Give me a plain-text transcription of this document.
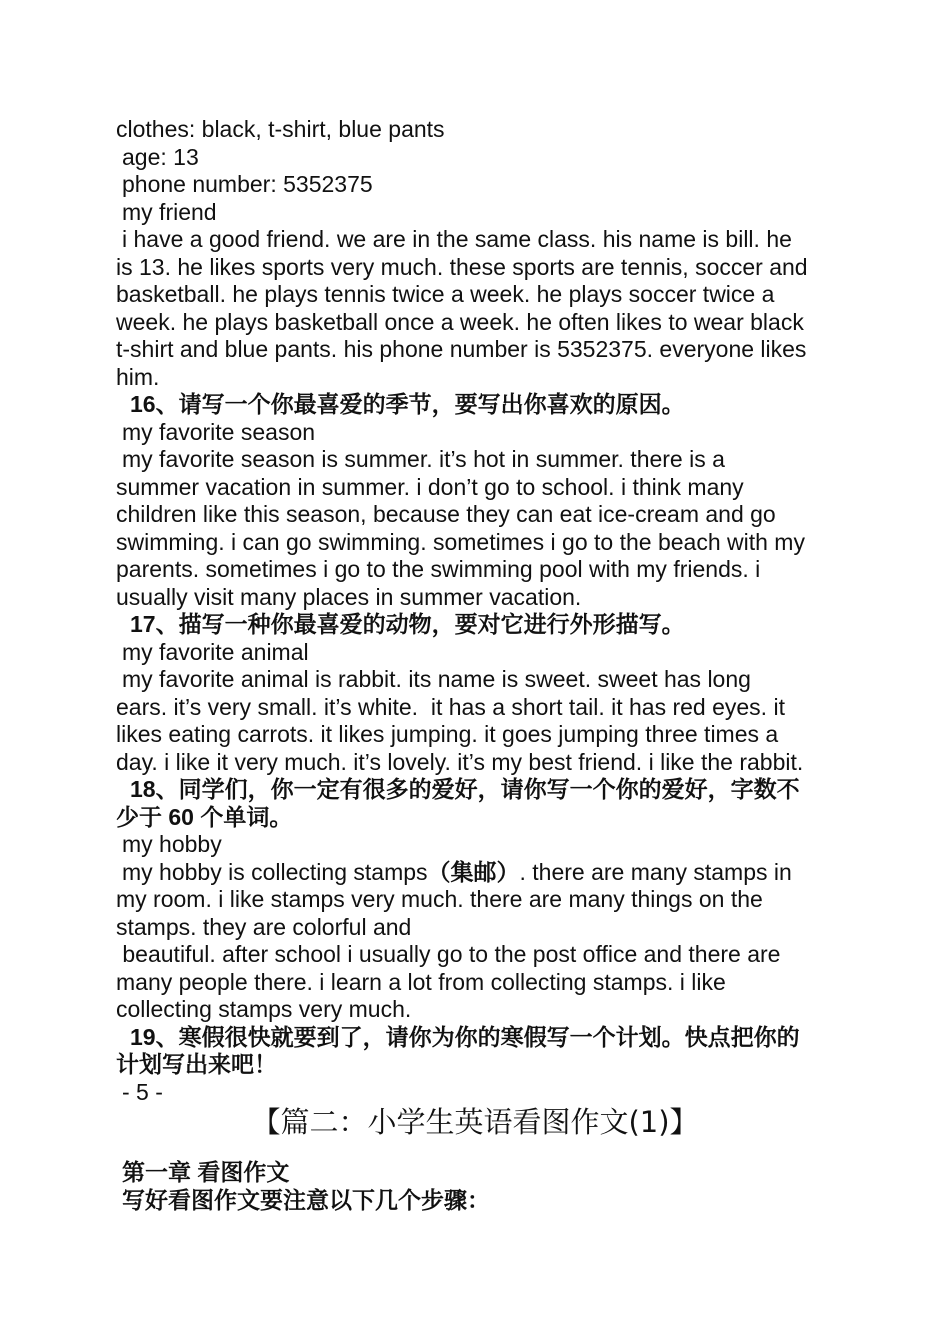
clothes: black, t-shirt, blue pants
age: 13
phone number: 5352375
my friend
i have a good friend. we are in the same class. his name is bill. he
is 13. he likes sports very much. these sports are tennis, soccer and
basketball. he plays tennis twice a week. he plays soccer twice a
week. he plays basketball once a week. he often likes to wear black
t-shirt and blue pants. his phone number is 5352375. everyone likes
him.
16、请写一个你最喜爱的季节，要写出你喜欢的原因。
my favorite season
my favorite season is summer. it’s hot in summer. there is a
summer vacation in summer. i don’t go to school. i think many
children like this season, because they can eat ice-cream and go
swimming. i can go swimming. sometimes i go to the beach with my
parents. sometimes i go to the swimming pool with my friends. i
usually visit many places in summer vacation.
17、描写一种你最喜爱的动物，要对它进行外形描写。
my favorite animal
my favorite animal is rabbit. its name is sweet. sweet has long
ears. it’s very small. it’s white.  it has a short tail. it has red eyes. it
likes eating carrots. it likes jumping. it goes jumping three times a
day. i like it very much. it’s lovely. it’s my best friend. i like the rabbit.
18、同学们，你一定有很多的爱好，请你写一个你的爱好，字数不
少于 60 个单词。
my hobby
my hobby is collecting stamps（集邮）. there are many stamps in
my room. i like stamps very much. there are many things on the
stamps. they are colorful and
beautiful. after school i usually go to the post office and there are
many people there. i learn a lot from collecting stamps. i like
collecting stamps very much.
19、寒假很快就要到了，请你为你的寒假写一个计划。快点把你的
计划写出来吧！
- 5 -
【篇二：小学生英语看图作文(1)】
第一章 看图作文
写好看图作文要注意以下几个步骤：
